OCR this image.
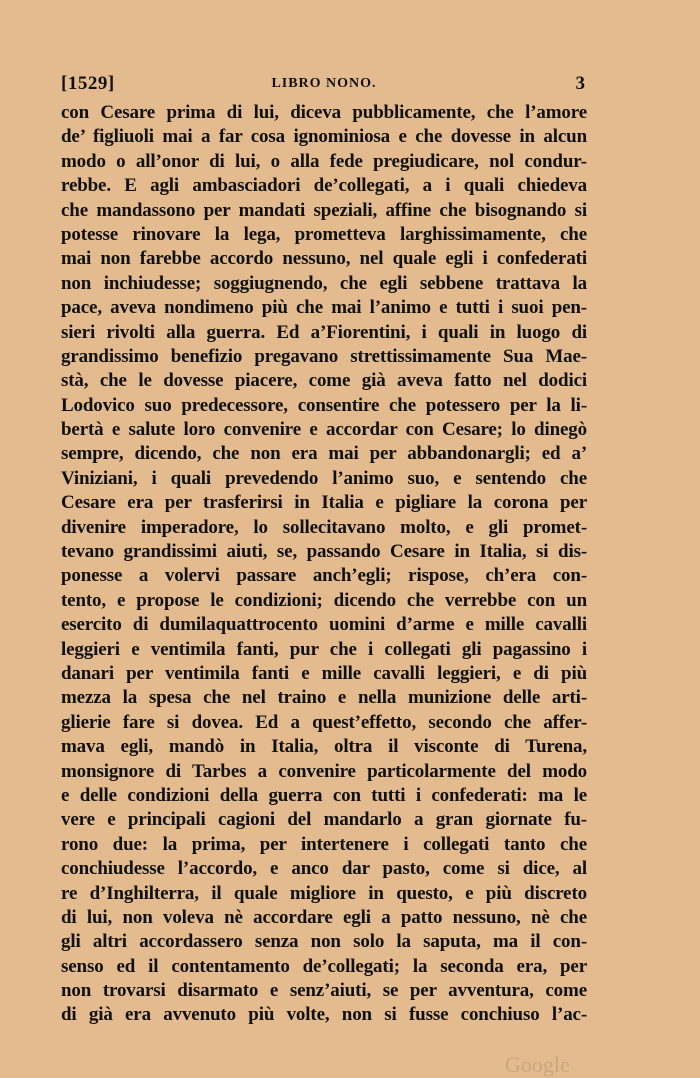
[1529]	LIBRO NONO.	3
con Cesare prima di lui, diceva pubblicamente, che l’amore
de’ figliuoli mai a far cosa ignominiosa e che dovesse in alcun
modo o all’onor di lui, o alla fede pregiudicare, nol condur-
rebbe. E agli ambasciadori de’collegati, a i quali chiedeva
che mandassono per mandati speziali, affine che bisognando si
potesse rinovare la lega, prometteva larghissimamente, che
mai non farebbe accordo nessuno, nel quale egli i confederati
non inchiudesse; soggiugnendo, che egli sebbene trattava la
pace, aveva nondimeno più che mai l’animo e tutti i suoi pen-
sieri rivolti alla guerra. Ed a’Fiorentini, i quali in luogo di
grandissimo benefizio pregavano strettissimamente Sua Mae-
stà, che le dovesse piacere, come già aveva fatto nel dodici
Lodovico suo predecessore, consentire che potessero per la li-
bertà e salute loro convenire e accordar con Cesare; lo dinegò
sempre, dicendo, che non era mai per abbandonargli; ed a’
Viniziani, i quali prevedendo l’animo suo, e sentendo che
Cesare era per trasferirsi in Italia e pigliare la corona per
divenire imperadore, lo sollecitavano molto, e gli promet-
tevano grandissimi aiuti, se, passando Cesare in Italia, si dis-
ponesse a volervi passare anch’egli; rispose, ch’era con-
tento, e propose le condizioni; dicendo che verrebbe con un
esercito di dumilaquattrocento uomini d’arme e mille cavalli
leggieri e ventimila fanti, pur che i collegati gli pagassino i
danari per ventimila fanti e mille cavalli leggieri, e di più
mezza la spesa che nel traino e nella munizione delle arti-
glierie fare si dovea. Ed a quest’effetto, secondo che affer-
mava egli, mandò in Italia, oltra il visconte di Turena,
monsignore di Tarbes a convenire particolarmente del modo
e delle condizioni della guerra con tutti i confederati: ma le
vere e principali cagioni del mandarlo a gran giornate fu-
rono due: la prima, per intertenere i collegati tanto che
conchiudesse l’accordo, e anco dar pasto, come si dice, al
re d’Inghilterra, il quale migliore in questo, e più discreto
di lui, non voleva nè accordare egli a patto nessuno, nè che
gli altri accordassero senza non solo la saputa, ma il con-
senso ed il contentamento de’collegati; la seconda era, per
non trovarsi disarmato e senz’aiuti, se per avventura, come
di già era avvenuto più volte, non si fusse conchiuso l’ac-
Google
